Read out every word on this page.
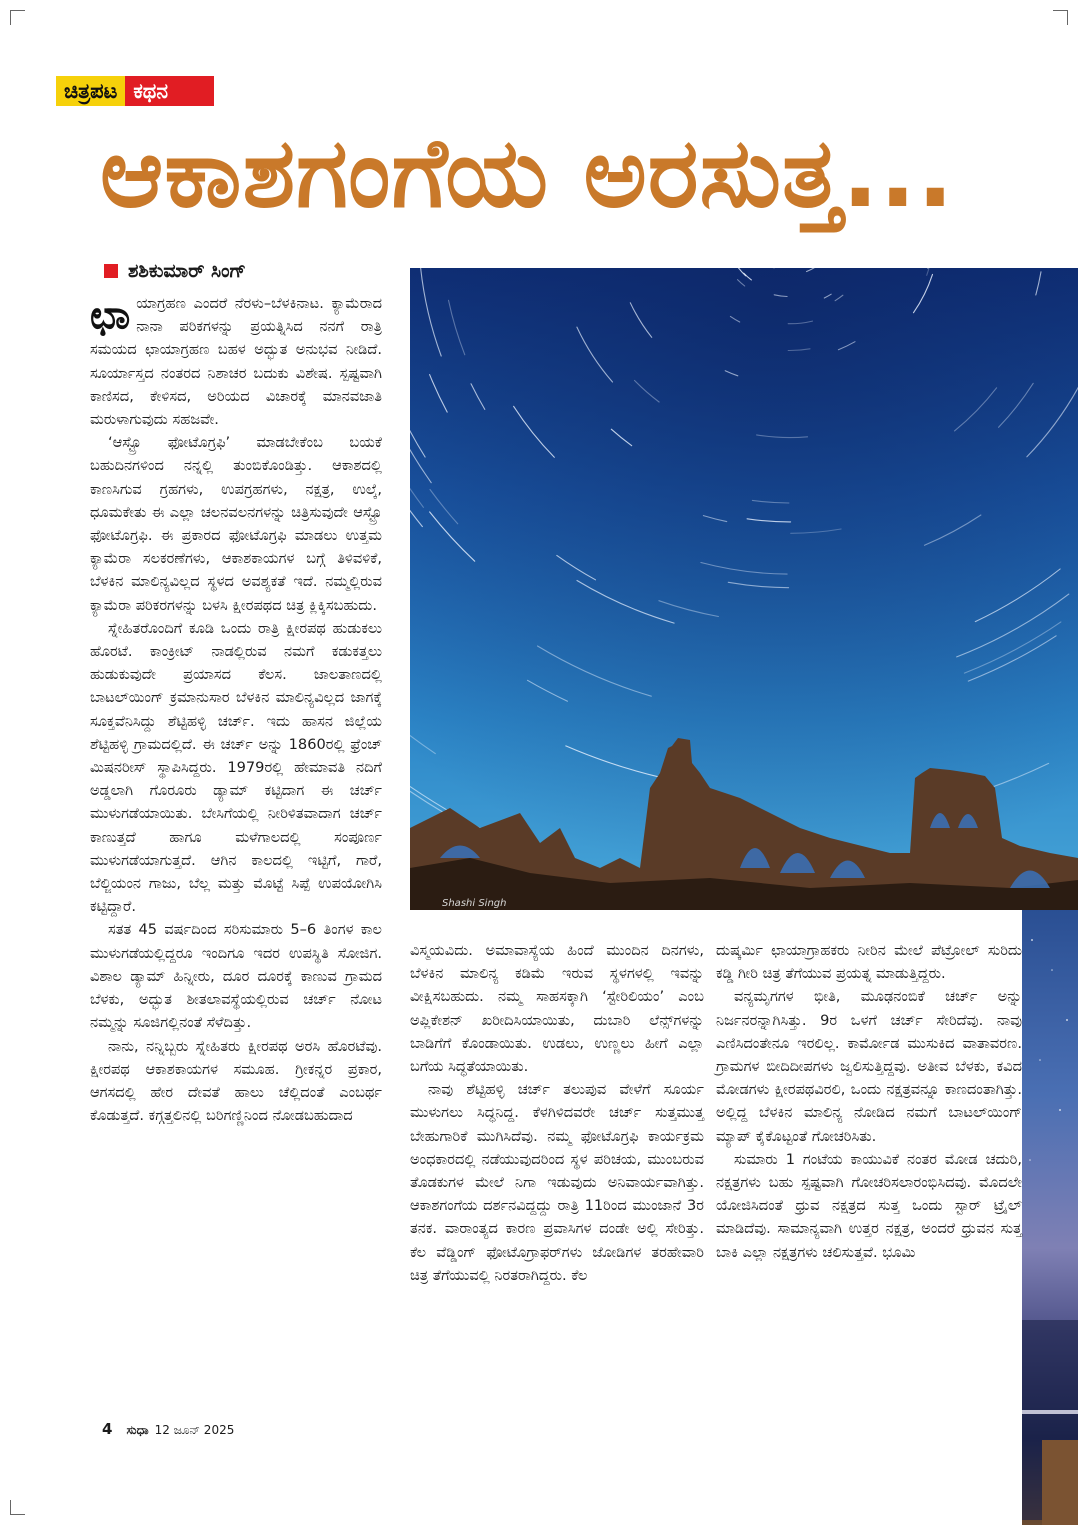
ಚಿತ್ರಪಟ ಕಥನ
ಆಕಾಶಗಂಗೆಯ ಅರಸುತ್ತ...
ಶಶಿಕುಮಾರ್ ಸಿಂಗ್

ಛಾಯಾಗ್ರಹಣ ಎಂದರೆ ನೆರಳು–ಬೆಳಕಿನಾಟ. ಕ್ಯಾಮೆರಾದ ನಾನಾ ಪರಿಕಗಳನ್ನು ಪ್ರಯತ್ನಿಸಿದ ನನಗೆ ರಾತ್ರಿ ಸಮಯದ ಛಾಯಾಗ್ರಹಣ ಬಹಳ ಅದ್ಭುತ ಅನುಭವ ನೀಡಿದೆ. ಸೂರ್ಯಾಸ್ತದ ನಂತರದ ನಿಶಾಚರ ಬದುಕು ವಿಶೇಷ. ಸ್ಪಷ್ಟವಾಗಿ ಕಾಣಿಸದ, ಕೇಳಿಸದ, ಅರಿಯದ ವಿಚಾರಕ್ಕೆ ಮಾನವಜಾತಿ ಮರುಳಾಗುವುದು ಸಹಜವೇ.

‘ಆಸ್ಟ್ರೊ ಫೋಟೊಗ್ರಫಿ’ ಮಾಡಬೇಕೆಂಬ ಬಯಕೆ ಬಹುದಿನಗಳಿಂದ ನನ್ನಲ್ಲಿ ತುಂಬಿಕೊಂಡಿತ್ತು. ಆಕಾಶದಲ್ಲಿ ಕಾಣಸಿಗುವ ಗ್ರಹಗಳು, ಉಪಗ್ರಹಗಳು, ನಕ್ಷತ್ರ, ಉಲ್ಕೆ, ಧೂಮಕೇತು ಈ ಎಲ್ಲಾ ಚಲನವಲನಗಳನ್ನು ಚಿತ್ರಿಸುವುದೇ ಆಸ್ಟ್ರೊ ಫೋಟೊಗ್ರಫಿ. ಈ ಪ್ರಕಾರದ ಫೋಟೊಗ್ರಫಿ ಮಾಡಲು ಉತ್ತಮ ಕ್ಯಾಮೆರಾ ಸಲಕರಣೆಗಳು, ಆಕಾಶಕಾಯಗಳ ಬಗ್ಗೆ ತಿಳಿವಳಿಕೆ, ಬೆಳಕಿನ ಮಾಲಿನ್ಯವಿಲ್ಲದ ಸ್ಥಳದ ಅವಶ್ಯಕತೆ ಇದೆ. ನಮ್ಮಲ್ಲಿರುವ ಕ್ಯಾಮೆರಾ ಪರಿಕರಗಳನ್ನು ಬಳಸಿ ಕ್ಷೀರಪಥದ ಚಿತ್ರ ಕ್ಲಿಕ್ಕಿಸಬಹುದು.

ಸ್ನೇಹಿತರೊಂದಿಗೆ ಕೂಡಿ ಒಂದು ರಾತ್ರಿ ಕ್ಷೀರಪಥ ಹುಡುಕಲು ಹೊರಟೆ. ಕಾಂಕ್ರೀಟ್ ನಾಡಲ್ಲಿರುವ ನಮಗೆ ಕಡುಕತ್ತಲು ಹುಡುಕುವುದೇ ಪ್ರಯಾಸದ ಕೆಲಸ. ಜಾಲತಾಣದಲ್ಲಿ ಬಾಟಲ್‌ಯಿಂಗ್ ಕ್ರಮಾನುಸಾರ ಬೆಳಕಿನ ಮಾಲಿನ್ಯವಿಲ್ಲದ ಜಾಗಕ್ಕೆ ಸೂಕ್ತವೆನಿಸಿದ್ದು ಶೆಟ್ಟಿಹಳ್ಳಿ ಚರ್ಚ್. ಇದು ಹಾಸನ ಜಿಲ್ಲೆಯ ಶೆಟ್ಟಿಹಳ್ಳಿ ಗ್ರಾಮದಲ್ಲಿದೆ. ಈ ಚರ್ಚ್ ಅನ್ನು 1860ರಲ್ಲಿ ಫ್ರೆಂಚ್ ಮಿಷನರೀಸ್ ಸ್ಥಾಪಿಸಿದ್ದರು. 1979ರಲ್ಲಿ ಹೇಮಾವತಿ ನದಿಗೆ ಅಡ್ಡಲಾಗಿ ಗೊರೂರು ಡ್ಯಾಮ್ ಕಟ್ಟಿದಾಗ ಈ ಚರ್ಚ್ ಮುಳುಗಡೆಯಾಯಿತು. ಬೇಸಿಗೆಯಲ್ಲಿ ನೀರಿಳಿತವಾದಾಗ ಚರ್ಚ್ ಕಾಣುತ್ತದೆ ಹಾಗೂ ಮಳೆಗಾಲದಲ್ಲಿ ಸಂಪೂರ್ಣ ಮುಳುಗಡೆಯಾಗುತ್ತದೆ. ಆಗಿನ ಕಾಲದಲ್ಲಿ ಇಟ್ಟಿಗೆ, ಗಾರೆ, ಬೆಲ್ಜಿಯಂನ ಗಾಜು, ಬೆಲ್ಲ ಮತ್ತು ಮೊಟ್ಟೆ ಸಿಪ್ಪೆ ಉಪಯೋಗಿಸಿ ಕಟ್ಟಿದ್ದಾರೆ.

ಸತತ 45 ವರ್ಷದಿಂದ ಸರಿಸುಮಾರು 5–6 ತಿಂಗಳ ಕಾಲ ಮುಳುಗಡೆಯಲ್ಲಿದ್ದರೂ ಇಂದಿಗೂ ಇದರ ಉಪಸ್ಥಿತಿ ಸೋಜಿಗ. ವಿಶಾಲ ಡ್ಯಾಮ್ ಹಿನ್ನೀರು, ದೂರ ದೂರಕ್ಕೆ ಕಾಣುವ ಗ್ರಾಮದ ಬೆಳಕು, ಅದ್ಭುತ ಶೀತಲಾವಸ್ಥೆಯಲ್ಲಿರುವ ಚರ್ಚ್ ನೋಟ ನಮ್ಮನ್ನು ಸೂಜಿಗಲ್ಲಿನಂತೆ ಸೆಳೆದಿತ್ತು.

ನಾನು, ನನ್ನಿಬ್ಬರು ಸ್ನೇಹಿತರು ಕ್ಷೀರಪಥ ಅರಸಿ ಹೊರಟೆವು. ಕ್ಷೀರಪಥ ಆಕಾಶಕಾಯಗಳ ಸಮೂಹ. ಗ್ರೀಕನ್ನರ ಪ್ರಕಾರ, ಆಗಸದಲ್ಲಿ ಹೇರ ದೇವತೆ ಹಾಲು ಚೆಲ್ಲಿದಂತೆ ಎಂಬರ್ಥ ಕೊಡುತ್ತದೆ. ಕಗ್ಗತ್ತಲಿನಲ್ಲಿ ಬರಿಗಣ್ಣಿನಿಂದ ನೋಡಬಹುದಾದ

Shashi Singh

ವಿಸ್ಮಯವಿದು. ಅಮಾವಾಸ್ಯೆಯ ಹಿಂದೆ ಮುಂದಿನ ದಿನಗಳು, ಬೆಳಕಿನ ಮಾಲಿನ್ಯ ಕಡಿಮೆ ಇರುವ ಸ್ಥಳಗಳಲ್ಲಿ ಇವನ್ನು ವೀಕ್ಷಿಸಬಹುದು. ನಮ್ಮ ಸಾಹಸಕ್ಕಾಗಿ ‘ಸ್ಟೇರಿಲಿಯಂ’ ಎಂಬ ಅಪ್ಲಿಕೇಶನ್ ಖರೀದಿಸಿಯಾಯಿತು, ದುಬಾರಿ ಲೆನ್ಸ್‌ಗಳನ್ನು ಬಾಡಿಗೆಗೆ ಕೊಂಡಾಯಿತು. ಉಡಲು, ಉಣ್ಣಲು ಹೀಗೆ ಎಲ್ಲಾ ಬಗೆಯ ಸಿದ್ಧತೆಯಾಯಿತು.

ನಾವು ಶೆಟ್ಟಿಹಳ್ಳಿ ಚರ್ಚ್ ತಲುಪುವ ವೇಳೆಗೆ ಸೂರ್ಯ ಮುಳುಗಲು ಸಿದ್ಧನಿದ್ದ. ಕೆಳಗಿಳಿದವರೇ ಚರ್ಚ್ ಸುತ್ತಮುತ್ತ ಬೇಹುಗಾರಿಕೆ ಮುಗಿಸಿದೆವು. ನಮ್ಮ ಫೋಟೊಗ್ರಫಿ ಕಾರ್ಯಕ್ರಮ ಅಂಧಕಾರದಲ್ಲಿ ನಡೆಯುವುದರಿಂದ ಸ್ಥಳ ಪರಿಚಯ, ಮುಂಬರುವ ತೊಡಕುಗಳ ಮೇಲೆ ನಿಗಾ ಇಡುವುದು ಅನಿವಾರ್ಯವಾಗಿತ್ತು. ಆಕಾಶಗಂಗೆಯ ದರ್ಶನವಿದ್ದದ್ದು ರಾತ್ರಿ 11ರಿಂದ ಮುಂಜಾನೆ 3ರ ತನಕ. ವಾರಾಂತ್ಯದ ಕಾರಣ ಪ್ರವಾಸಿಗಳ ದಂಡೇ ಅಲ್ಲಿ ಸೇರಿತ್ತು. ಕೆಲ ವೆಡ್ಡಿಂಗ್ ಫೋಟೊಗ್ರಾಫರ್‌ಗಳು ಜೋಡಿಗಳ ತರಹೇವಾರಿ ಚಿತ್ರ ತೆಗೆಯುವಲ್ಲಿ ನಿರತರಾಗಿದ್ದರು. ಕೆಲ

ದುಷ್ಕರ್ಮಿ ಛಾಯಾಗ್ರಾಹಕರು ನೀರಿನ ಮೇಲೆ ಪೆಟ್ರೋಲ್ ಸುರಿದು ಕಡ್ಡಿ ಗೀರಿ ಚಿತ್ರ ತೆಗೆಯುವ ಪ್ರಯತ್ನ ಮಾಡುತ್ತಿದ್ದರು.

ವನ್ಯಮೃಗಗಳ ಭೀತಿ, ಮೂಢನಂಬಿಕೆ ಚರ್ಚ್ ಅನ್ನು ನಿರ್ಜನರನ್ನಾಗಿಸಿತ್ತು. 9ರ ಒಳಗೆ ಚರ್ಚ್ ಸೇರಿದೆವು. ನಾವು ಎಣಿಸಿದಂತೇನೂ ಇರಲಿಲ್ಲ. ಕಾರ್ಮೋಡ ಮುಸುಕಿದ ವಾತಾವರಣ. ಗ್ರಾಮಗಳ ಬೀದಿದೀಪಗಳು ಜ್ವಲಿಸುತ್ತಿದ್ದವು. ಅತೀವ ಬೆಳಕು, ಕವಿದ ಮೋಡಗಳು ಕ್ಷೀರಪಥವಿರಲಿ, ಒಂದು ನಕ್ಷತ್ರವನ್ನೂ ಕಾಣದಂತಾಗಿತ್ತು. ಅಲ್ಲಿದ್ದ ಬೆಳಕಿನ ಮಾಲಿನ್ಯ ನೋಡಿದ ನಮಗೆ ಬಾಟಲ್‌ಯಿಂಗ್ ಮ್ಯಾಪ್ ಕೈಕೊಟ್ಟಂತೆ ಗೋಚರಿಸಿತು.

ಸುಮಾರು 1 ಗಂಟೆಯ ಕಾಯುವಿಕೆ ನಂತರ ಮೋಡ ಚದುರಿ, ನಕ್ಷತ್ರಗಳು ಬಹು ಸ್ಪಷ್ಟವಾಗಿ ಗೋಚರಿಸಲಾರಂಭಿಸಿದವು. ಮೊದಲೇ ಯೋಜಿಸಿದಂತೆ ಧ್ರುವ ನಕ್ಷತ್ರದ ಸುತ್ತ ಒಂದು ಸ್ಟಾರ್ ಟ್ರೈಲ್ ಮಾಡಿದೆವು. ಸಾಮಾನ್ಯವಾಗಿ ಉತ್ತರ ನಕ್ಷತ್ರ, ಅಂದರೆ ಧ್ರುವನ ಸುತ್ತ ಬಾಕಿ ಎಲ್ಲಾ ನಕ್ಷತ್ರಗಳು ಚಲಿಸುತ್ತವೆ. ಭೂಮಿ

4 ಸುಧಾ 12 ಜೂನ್ 2025
